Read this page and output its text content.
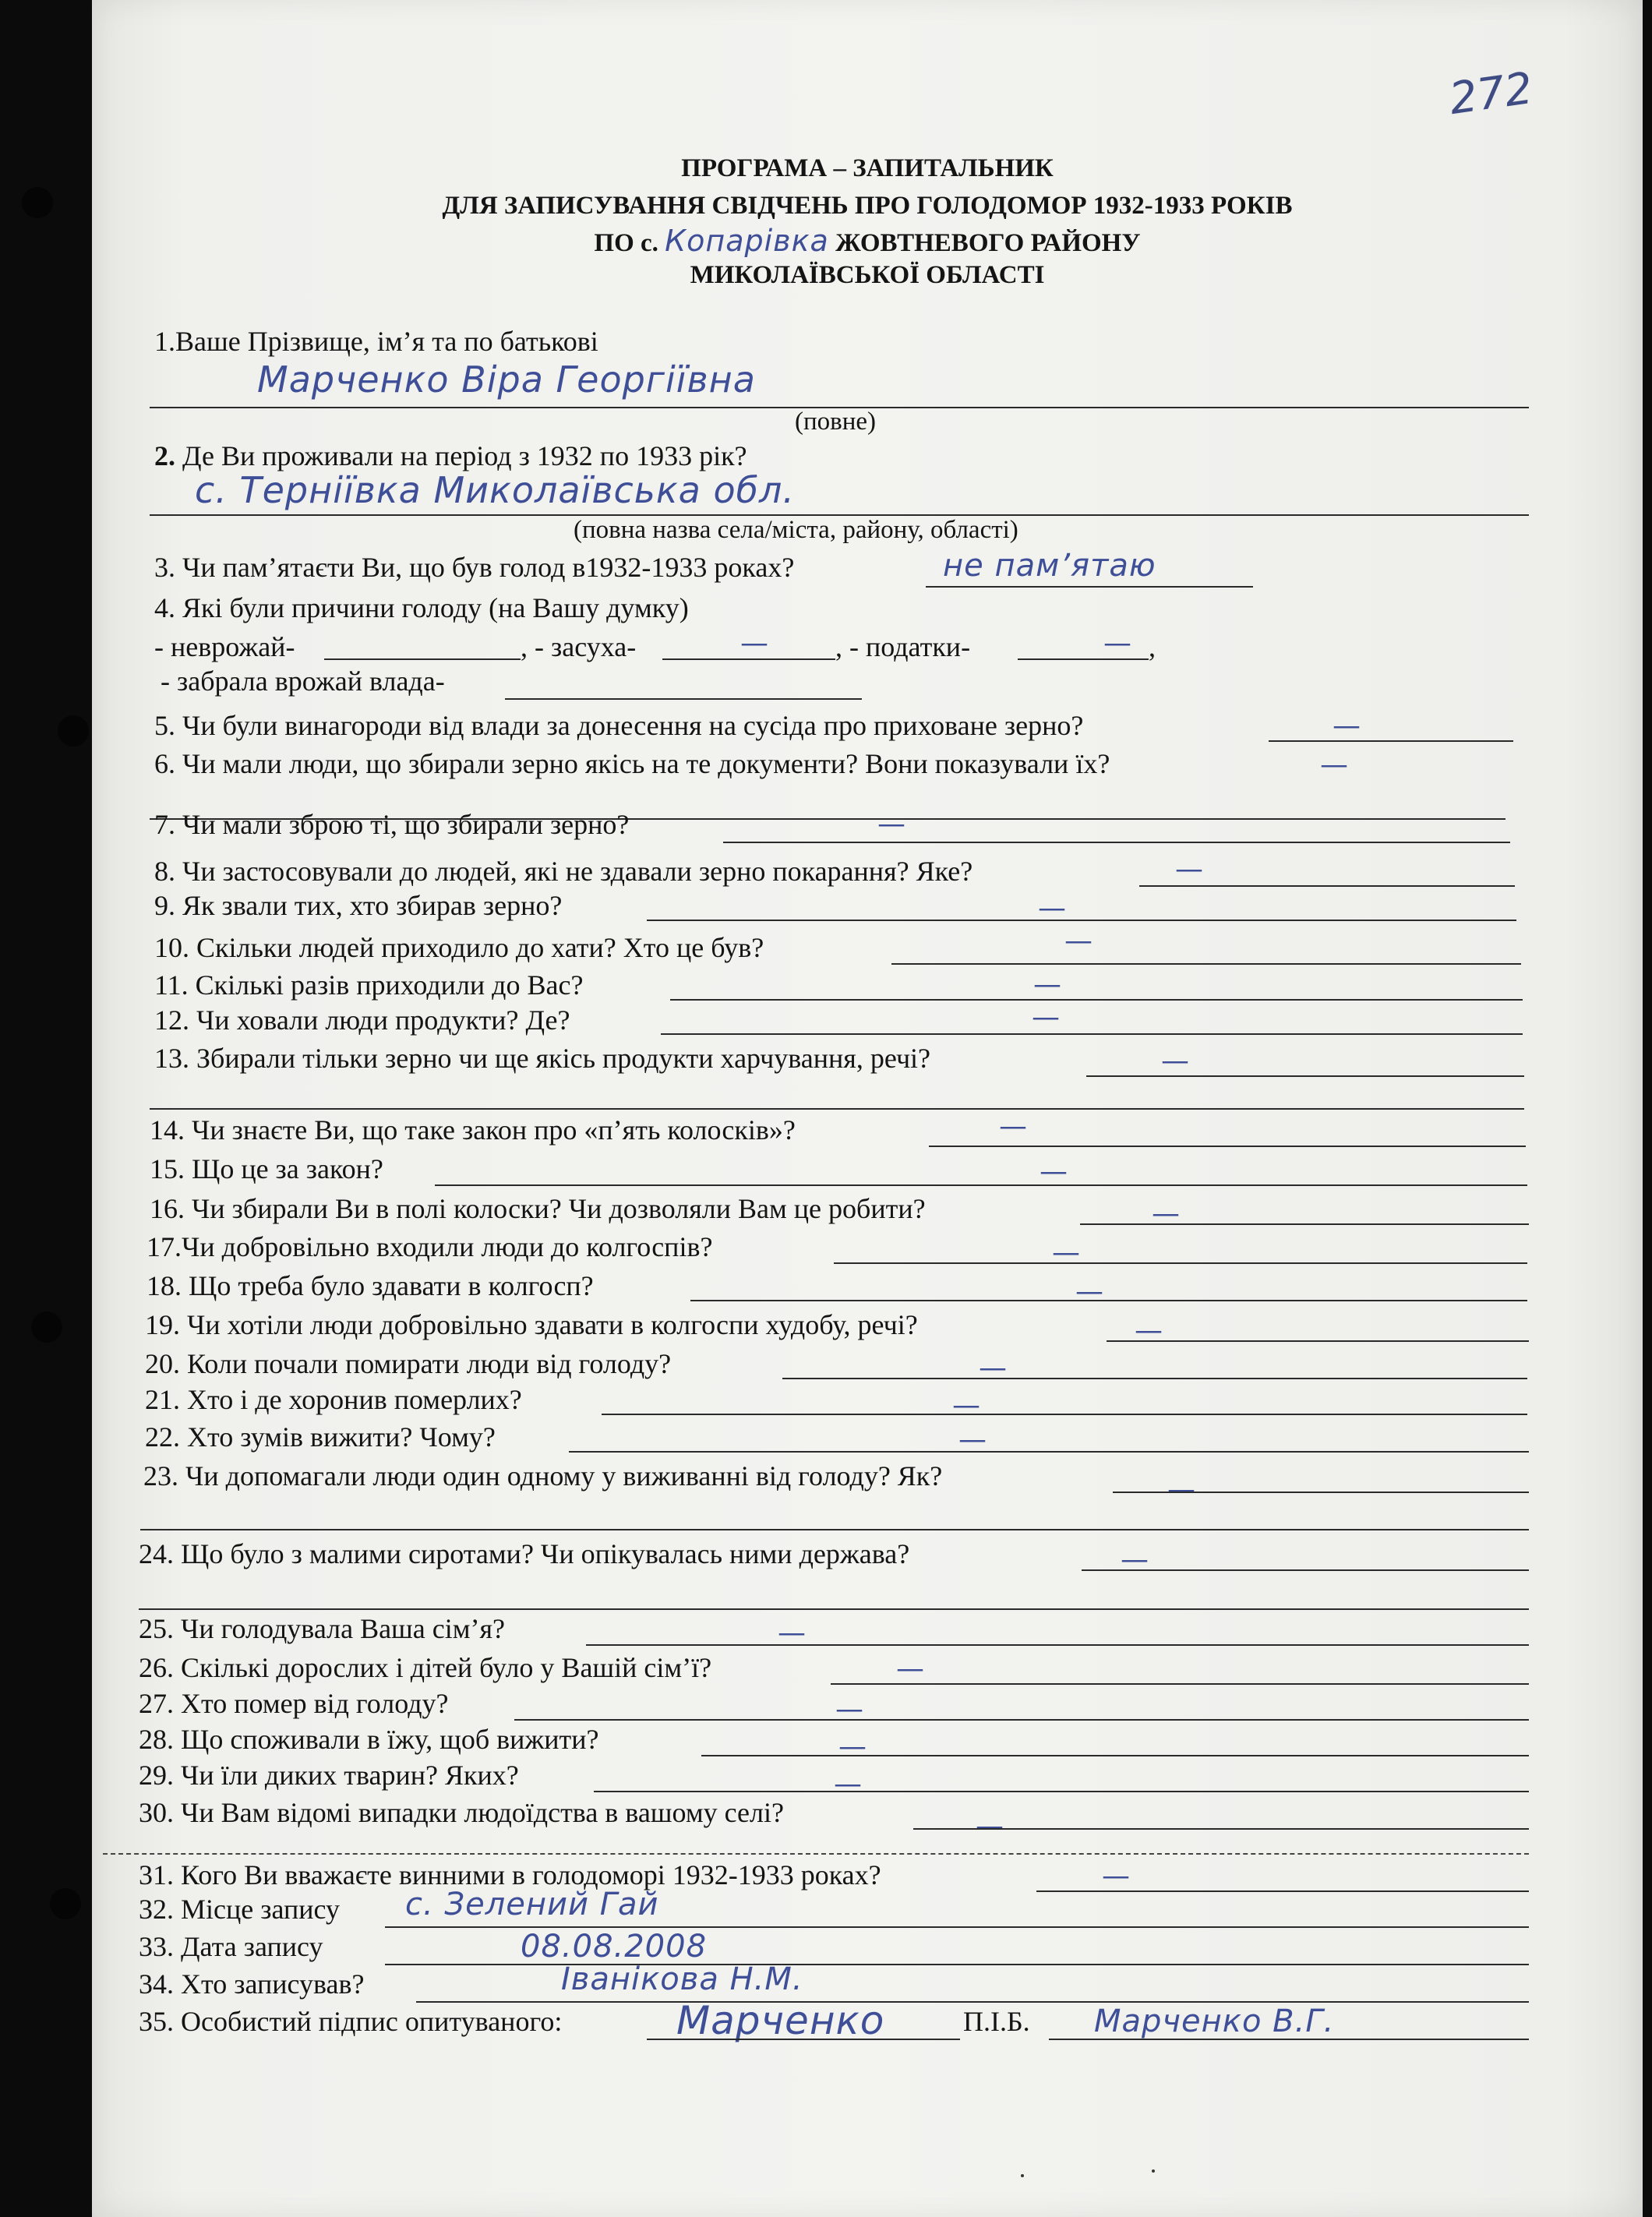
272
ПРОГРАМА – ЗАПИТАЛЬНИК
ДЛЯ ЗАПИСУВАННЯ СВІДЧЕНЬ ПРО ГОЛОДОМОР 1932-1933 РОКІВ
ПО с. Копарівка ЖОВТНЕВОГО РАЙОНУ
МИКОЛАЇВСЬКОЇ ОБЛАСТІ
1.Ваше Прізвище, ім’я та по батькові
Марченко Віра Георгіївна
(повне)
2. Де Ви проживали на період з 1932 по 1933 рік?
с. Терніївка Миколаївська обл.
(повна назва села/міста, району, області)
3. Чи пам’ятаєти Ви, що був голод в1932-1933 роках?	не пам’ятаю
4. Які були причини голоду (на Вашу думку)
- неврожай-	, - засуха-	— , - податки-	— ,
- забрала врожай влада-
5. Чи були винагороди від влади за донесення на сусіда про приховане зерно?	—
6. Чи мали люди, що збирали зерно якісь на те документи? Вони показували їх?	—
7. Чи мали зброю ті, що збирали зерно?	—
8. Чи застосовували до людей, які не здавали зерно покарання? Яке?	—
9. Як звали тих, хто збирав зерно?	—
10. Скільки людей приходило до хати? Хто це був?	—
11. Скількі разів приходили до Вас?	—
12. Чи ховали люди продукти? Де?	—
13. Збирали тільки зерно чи ще якісь продукти харчування, речі?	—
14. Чи знаєте Ви, що таке закон про «п’ять колосків»?	—
15. Що це за закон?	—
16. Чи збирали Ви в полі колоски? Чи дозволяли Вам це робити?	—
17.Чи добровільно входили люди до колгоспів?	—
18. Що треба було здавати в колгосп?	—
19. Чи хотіли люди добровільно здавати в колгоспи худобу, речі?	—
20. Коли почали помирати люди від голоду?	—
21. Хто і де хоронив померлих?	—
22. Хто зумів вижити? Чому?	—
23. Чи допомагали люди один одному у виживанні від голоду? Як?	—
24. Що було з малими сиротами? Чи опікувалась ними держава?	—
25. Чи голодувала Ваша сім’я?	—
26. Скількі дорослих і дітей було у Вашій сім’ї?	—
27. Хто помер від голоду?	—
28. Що споживали в їжу, щоб вижити?	—
29. Чи їли диких тварин? Яких?	—
30. Чи Вам відомі випадки людоїдства в вашому селі?	—
31. Кого Ви вважаєте винними в голодоморі 1932-1933 роках?	—
32. Місце запису с. Зелений Гай
33. Дата запису	08.08.2008
34. Хто записував?	Іванікова Н.М.
35. Особистий підпис опитуваного:	Марченко	П.І.Б. Марченко В.Г.
